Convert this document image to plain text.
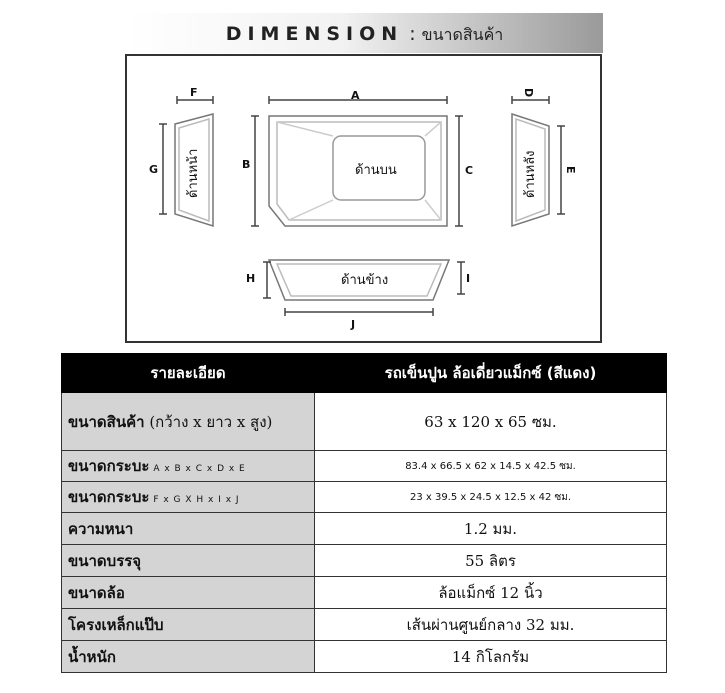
DIMENSION : ขนาดสินค้า
F
G
A
B	C
D
E
H	I
J
ด้านบน
ด้านข้าง
ด้านหน้า	ด้านหลัง
รายละเอียด	รถเข็นปูน ล้อเดี่ยวแม็กซ์ (สีแดง)
ขนาดสินค้า (กว้าง x ยาว x สูง)	63 x 120 x 65 ซม.
ขนาดกระบะ A x B x C x D x E	83.4 x 66.5 x 62 x 14.5 x 42.5 ซม.
ขนาดกระบะ F x G X H x I x J	23 x 39.5 x 24.5 x 12.5 x 42 ซม.
ความหนา	1.2 มม.
ขนาดบรรจุ	55 ลิตร
ขนาดล้อ	ล้อแม็กซ์ 12 นิ้ว
โครงเหล็กแป๊บ	เส้นผ่านศูนย์กลาง 32 มม.
น้ำหนัก	14 กิโลกรัม
